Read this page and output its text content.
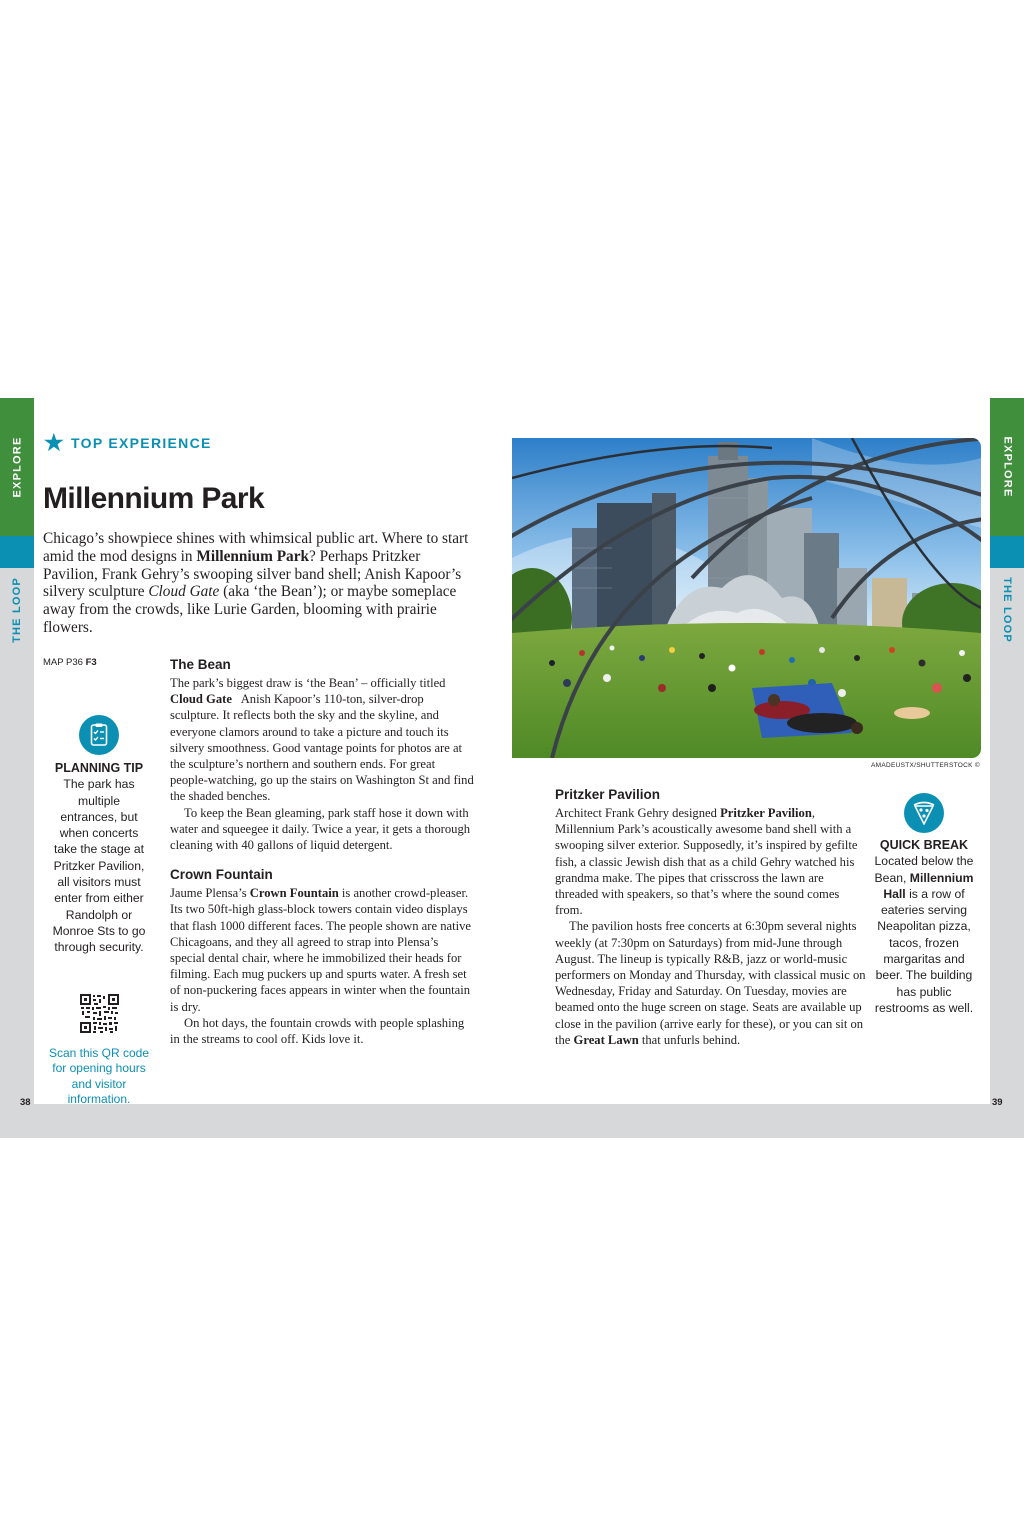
EXPLORE
THE LOOP
EXPLORE
THE LOOP
★ TOP EXPERIENCE
Millennium Park
Chicago’s showpiece shines with whimsical public art. Where to start amid the mod designs in Millennium Park? Perhaps Pritzker Pavilion, Frank Gehry’s swooping silver band shell; Anish Kapoor’s silvery sculpture Cloud Gate (aka ‘the Bean’); or maybe someplace away from the crowds, like Lurie Garden, blooming with prairie flowers.
MAP P36 F3
PLANNING TIP
The park has multiple entrances, but when concerts take the stage at Pritzker Pavilion, all visitors must enter from either Randolph or Monroe Sts to go through security.
Scan this QR code for opening hours and visitor information.
The Bean

The park’s biggest draw is ‘the Bean’ – officially titled Cloud Gate   Anish Kapoor’s 110-ton, silver-drop sculpture. It reflects both the sky and the skyline, and everyone clamors around to take a picture and touch its silvery smoothness. Good vantage points for photos are at the sculpture’s northern and southern ends. For great people-watching, go up the stairs on Washington St and find the shaded benches.

To keep the Bean gleaming, park staff hose it down with water and squeegee it daily. Twice a year, it gets a thorough cleaning with 40 gallons of liquid detergent.

Crown Fountain

Jaume Plensa’s Crown Fountain is another crowd-pleaser. Its two 50ft-high glass-block towers contain video displays that flash 1000 different faces. The people shown are native Chicagoans, and they all agreed to strap into Plensa’s special dental chair, where he immobilized their heads for filming. Each mug puckers up and spurts water. A fresh set of non-puckering faces appears in winter when the fountain is dry.

On hot days, the fountain crowds with people splashing in the streams to cool off. Kids love it.

AMADEUSTX/SHUTTERSTOCK ©
Pritzker Pavilion

Architect Frank Gehry designed Pritzker Pavilion, Millennium Park’s acoustically awesome band shell with a swooping silver exterior. Supposedly, it’s inspired by gefilte fish, a classic Jewish dish that as a child Gehry watched his grandma make. The pipes that crisscross the lawn are threaded with speakers, so that’s where the sound comes from.

The pavilion hosts free concerts at 6:30pm several nights weekly (at 7:30pm on Saturdays) from mid-June through August. The lineup is typically R&B, jazz or world-music performers on Monday and Thursday, with classical music on Wednesday, Friday and Saturday. On Tuesday, movies are beamed onto the huge screen on stage. Seats are available up close in the pavilion (arrive early for these), or you can sit on the Great Lawn that unfurls behind.

QUICK BREAK
Located below the Bean, Millennium Hall is a row of eateries serving Neapolitan pizza, tacos, frozen margaritas and beer. The building has public restrooms as well.
38	39
